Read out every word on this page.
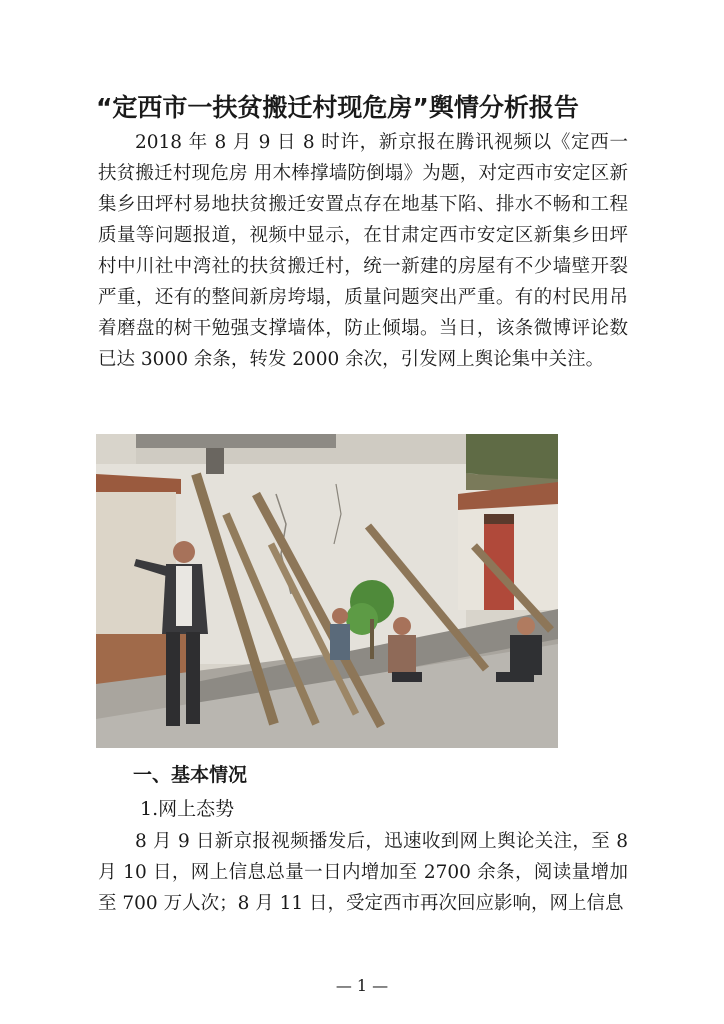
“定西市一扶贫搬迁村现危房”舆情分析报告
2018 年 8 月 9 日 8 时许，新京报在腾讯视频以《定西一扶贫搬迁村现危房 用木棒撑墙防倒塌》为题，对定西市安定区新集乡田坪村易地扶贫搬迁安置点存在地基下陷、排水不畅和工程质量等问题报道，视频中显示，在甘肃定西市安定区新集乡田坪村中川社中湾社的扶贫搬迁村，统一新建的房屋有不少墙壁开裂严重，还有的整间新房垮塌，质量问题突出严重。有的村民用吊着磨盘的树干勉强支撑墙体，防止倾塌。当日，该条微博评论数已达 3000 余条，转发 2000 余次，引发网上舆论集中关注。
一、基本情况
1.网上态势
8 月 9 日新京报视频播发后，迅速收到网上舆论关注，至 8 月 10 日，网上信息总量一日内增加至 2700 余条，阅读量增加至 700 万人次；8 月 11 日，受定西市再次回应影响，网上信息
— 1 —
